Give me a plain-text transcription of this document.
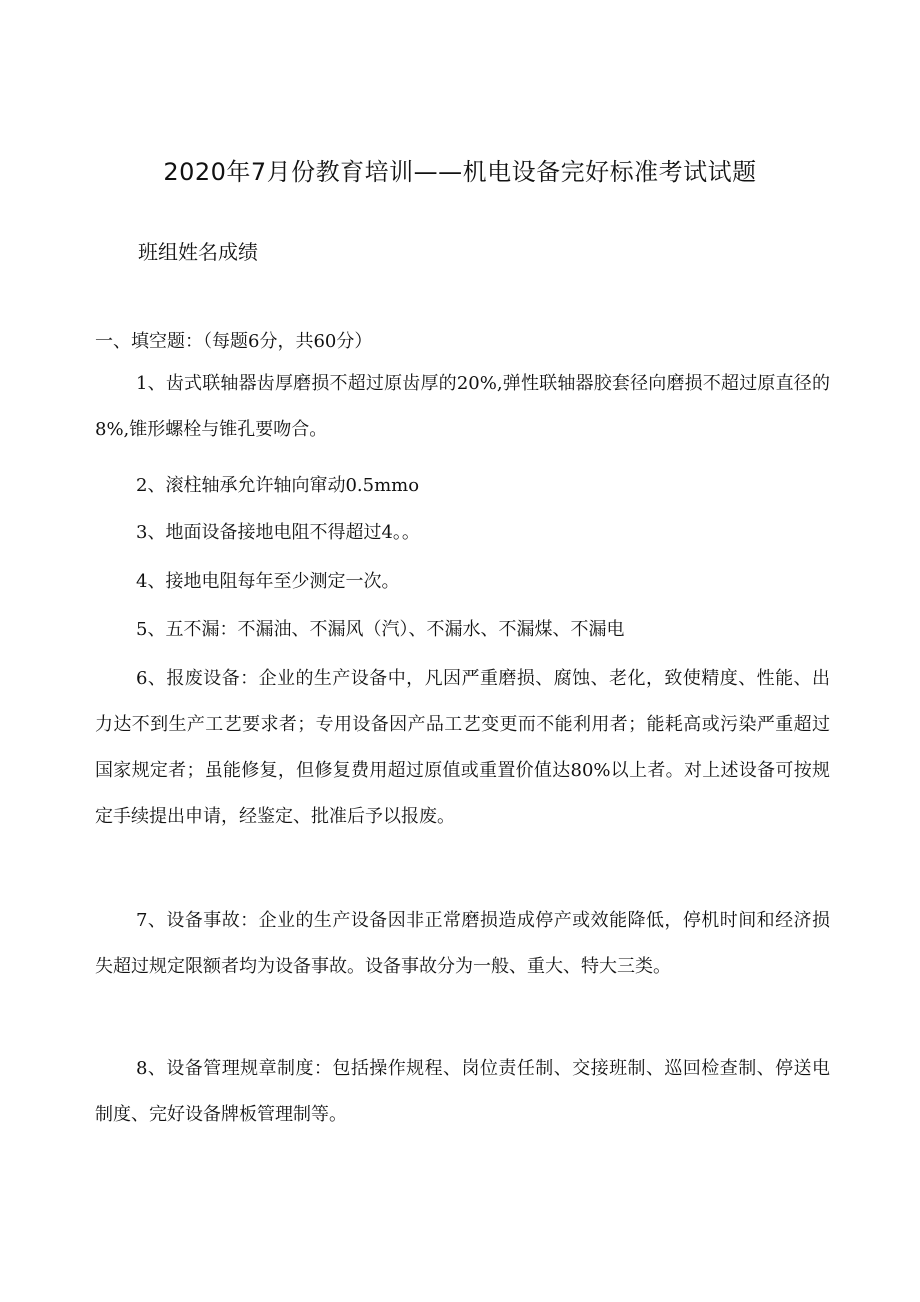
2020年7月份教育培训——机电设备完好标准考试试题
班组姓名成绩
一、填空题：（每题6分，共60分）
1、齿式联轴器齿厚磨损不超过原齿厚的20%,弹性联轴器胶套径向磨损不超过原直径的8%,锥形螺栓与锥孔要吻合。
2、滚柱轴承允许轴向窜动0.5mmo
3、地面设备接地电阻不得超过4。。
4、接地电阻每年至少测定一次。
5、五不漏：不漏油、不漏风（汽）、不漏水、不漏煤、不漏电
6、报废设备：企业的生产设备中，凡因严重磨损、腐蚀、老化，致使精度、性能、出力达不到生产工艺要求者；专用设备因产品工艺变更而不能利用者；能耗高或污染严重超过国家规定者；虽能修复，但修复费用超过原值或重置价值达80%以上者。对上述设备可按规定手续提出申请，经鉴定、批准后予以报废。
7、设备事故：企业的生产设备因非正常磨损造成停产或效能降低，停机时间和经济损失超过规定限额者均为设备事故。设备事故分为一般、重大、特大三类。
8、设备管理规章制度：包括操作规程、岗位责任制、交接班制、巡回检查制、停送电制度、完好设备牌板管理制等。
